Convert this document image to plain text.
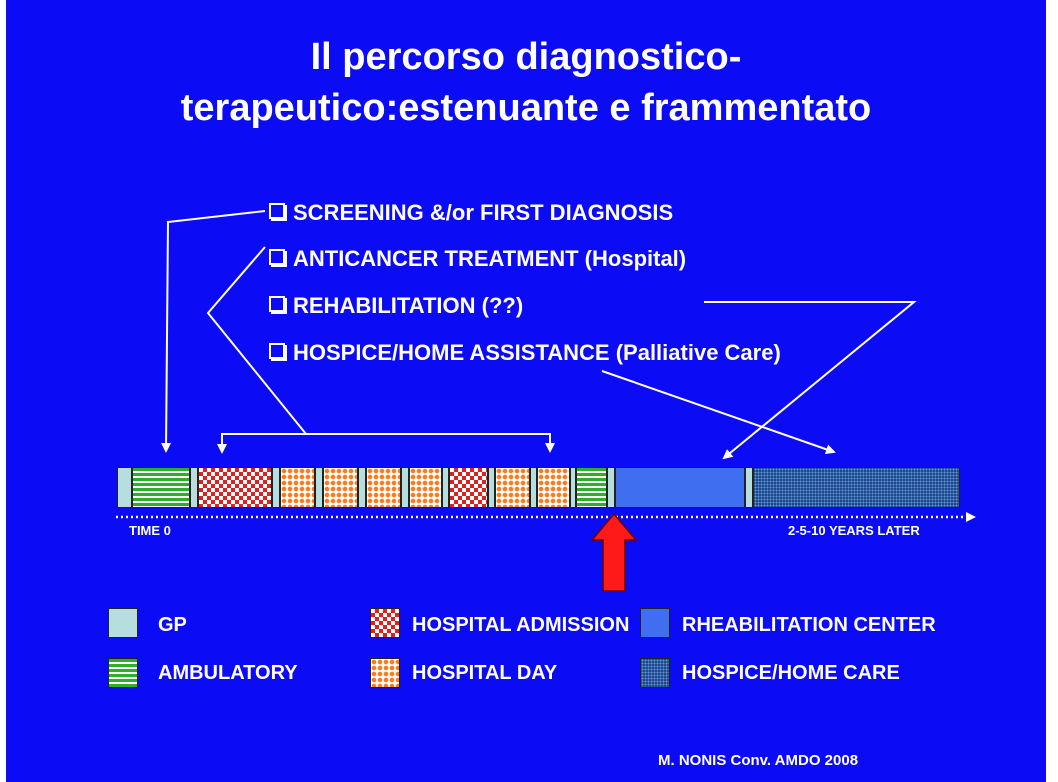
Il percorso diagnostico-
terapeutico:estenuante e frammentato
SCREENING &/or FIRST DIAGNOSIS
ANTICANCER TREATMENT (Hospital)
REHABILITATION (??)
HOSPICE/HOME ASSISTANCE (Palliative Care)
TIME 0	2-5-10 YEARS LATER
GP
AMBULATORY
HOSPITAL ADMISSION
HOSPITAL DAY
RHEABILITATION CENTER
HOSPICE/HOME CARE
M. NONIS Conv. AMDO 2008
